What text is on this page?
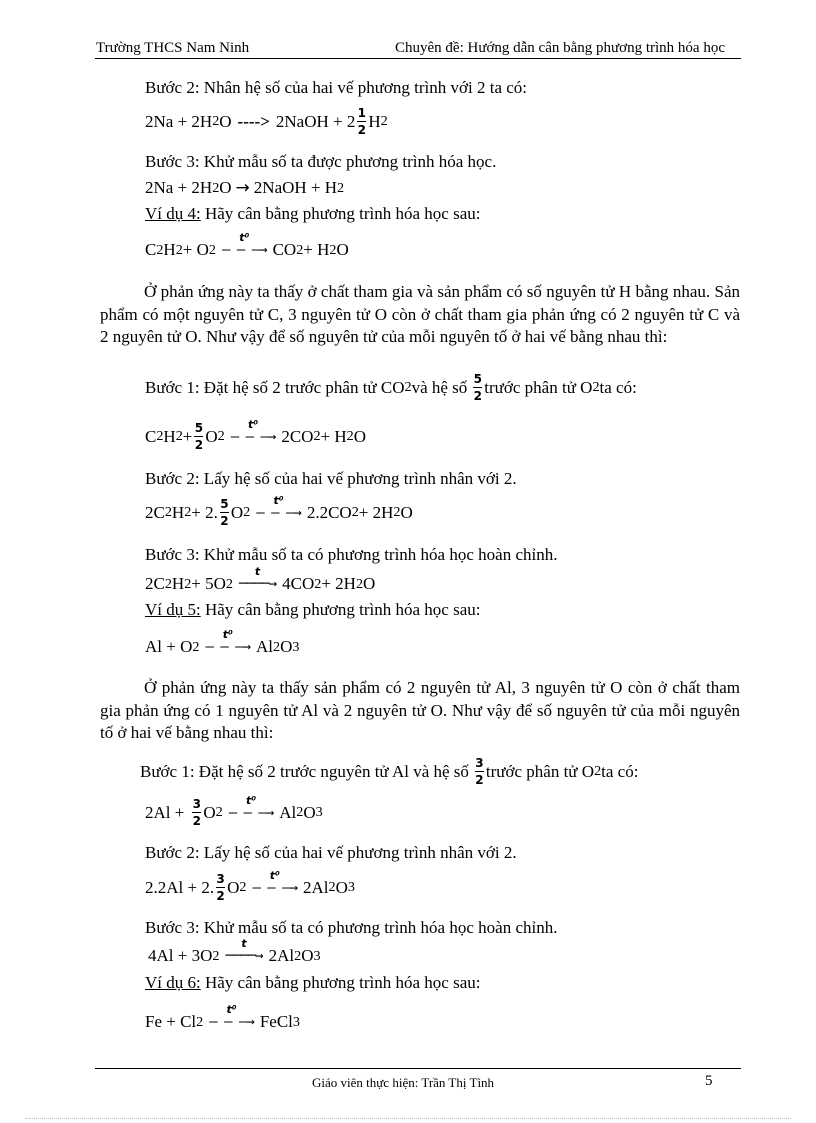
Trường THCS Nam Ninh	Chuyên đề: Hướng dẫn cân bằng phương trình hóa học
Bước 2: Nhân hệ số của hai vế phương trình với 2 ta có:
2Na + 2H 2 O ----> 2NaOH + $2 \frac{1}{2}$ H 2
Bước 3: Khử mẫu số ta được phương trình hóa học.
2Na + 2H 2 O → 2NaOH + H 2
Ví dụ 4: Hãy cân bằng phương trình hóa học sau:
C 2 H 2 + O 2
t⁰
– – –→ CO 2 + H 2 O

Ở phản ứng này ta thấy ở chất tham gia và sản phẩm có số nguyên tử H bằng nhau. Sản phẩm có một nguyên tử C, 3 nguyên tử O còn ở chất tham gia phản ứng có 2 nguyên tử C và 2 nguyên tử O. Như vậy để số nguyên tử của mỗi nguyên tố ở hai vế bằng nhau thì:

Bước 1: Đặt hệ số 2 trước phân tử CO 2 và hệ số $\frac{5}{2}$ trước phân tử O 2 ta có:
C 2 H $2 + \frac{5}{2}$ O 2
t⁰
– – –→ 2CO 2 + H 2 O
Bước 2: Lấy hệ số của hai vế phương trình nhân với 2.
2C 2 H 2 + 2. $\frac{5}{2}$ O 2
t⁰
– – –→ 2.2CO 2 + 2H 2 O
Bước 3: Khử mẫu số ta có phương trình hóa học hoàn chỉnh.
2C 2 H 2 + 5O 2
t
────→ 4CO 2 + 2H 2 O
Ví dụ 5: Hãy cân bằng phương trình hóa học sau:
Al + O 2
t⁰
– – –→ Al 2 O 3

Ở phản ứng này ta thấy sản phẩm có 2 nguyên tử Al, 3 nguyên tử O còn ở chất tham gia phản ứng có 1 nguyên tử Al và 2 nguyên tử O. Như vậy để số nguyên tử của mỗi nguyên tố ở hai vế bằng nhau thì:

Bước 1: Đặt hệ số 2 trước nguyên tử Al và hệ số $\frac{3}{2}$ trước phân tử O 2 ta có:
$2Al + \frac{3}{2}$ O 2
t⁰
– – –→ Al 2 O 3
Bước 2: Lấy hệ số của hai vế phương trình nhân với 2.
2.2Al + 2. $\frac{3}{2}$ O 2
t⁰
– – –→ 2Al 2 O 3
Bước 3: Khử mẫu số ta có phương trình hóa học hoàn chỉnh.
4Al + 3O 2
t
────→ 2Al 2 O 3
Ví dụ 6: Hãy cân bằng phương trình hóa học sau:
Fe + Cl 2
t⁰
– – –→ FeCl 3
Giáo viên thực hiện: Trần Thị Tình	5
